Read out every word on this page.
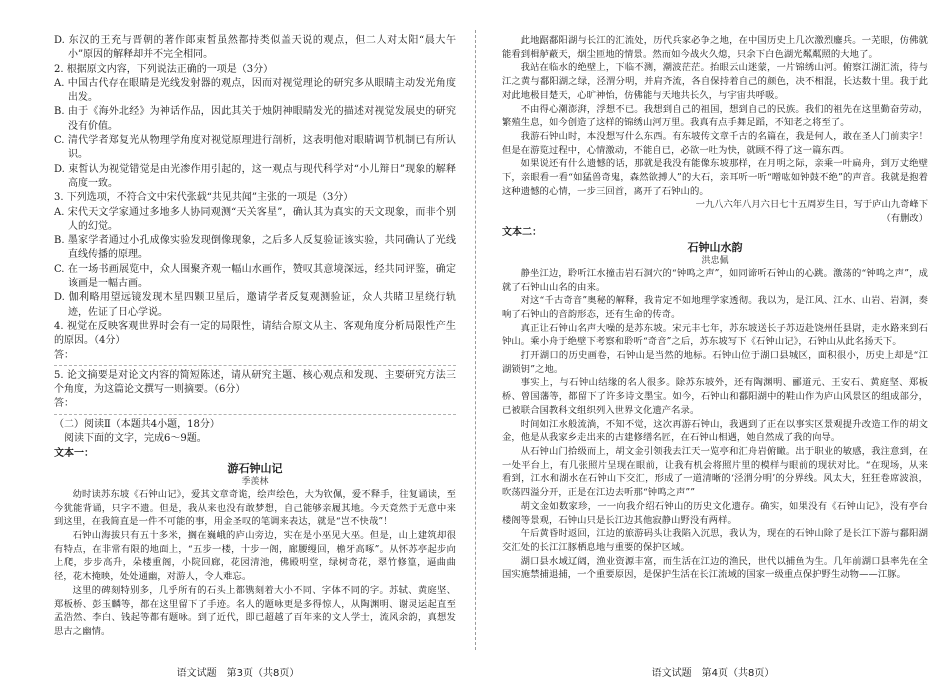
D. 东汉的王充与晋朝的著作郎束皙虽然都持类似盖天说的观点，但二人对太阳“晨大午小”原因的解释却并不完全相同。

2. 根据原文内容，下列说法正确的一项是（3分）

A. 中国古代存在眼睛是光线发射器的观点，因而对视觉理论的研究多从眼睛主动发光角度出发。

B. 由于《海外北经》为神话作品，因此其关于烛阴神眼睛发光的描述对视觉发展史的研究没有价值。

C. 清代学者郑复光从物理学角度对视觉原理进行剖析，这表明他对眼睛调节机制已有所认识。

D. 束皙认为视觉错觉是由光渗作用引起的，这一观点与现代科学对“小儿辩日”现象的解释高度一致。

3. 下列选项，不符合文中宋代张载“共见共闻”主张的一项是（3分）

A. 宋代天文学家通过多地多人协同观测“天关客星”，确认其为真实的天文现象，而非个别人的幻觉。

B. 墨家学者通过小孔成像实验发现倒像现象，之后多人反复验证该实验，共同确认了光线直线传播的原理。

C. 在一场书画展览中，众人围聚齐观一幅山水画作，赞叹其意境深远，经共同评鉴，确定该画是一幅古画。

D. 伽利略用望远镜发现木星四颗卫星后，邀请学者反复观测验证，众人共睹卫星绕行轨迹，佐证了日心学说。

4. 视觉在反映客观世界时会有一定的局限性，请结合原文从主、客观角度分析局限性产生的原因。（4分）

答：

5. 论文摘要是对论文内容的简短陈述，请从研究主题、核心观点和发现、主要研究方法三个角度，为这篇论文撰写一则摘要。（6分）

答：

（二）阅读Ⅱ（本题共4小题，18分）

阅读下面的文字，完成6～9题。

文本一：

游石钟山记

季羡林

幼时读苏东坡《石钟山记》，爱其文章奇诡，绘声绘色，大为钦佩，爱不释手，往复诵读，至今犹能背诵，只字不遗。但是，我从来也没有敢梦想，自己能够亲履其地。今天竟然于无意中来到这里，在我简直是一件不可能的事，用金圣叹的笔调来表达，就是“岂不快哉”！

石钟山海拔只有五十多米，搁在巍峨的庐山旁边，实在是小巫见大巫。但是，山上建筑却很有特点，在非常有限的地面上，“五步一楼，十步一阁，廊腰缦回，檐牙高啄”。从怀苏亭起步向上爬，步步高升，朵楼重阁，小院回廊，花园清池，佛殿明堂，绿树奇花，翠竹修篁，逼曲曲径，花木掩映，处处通幽，对游人，令人难忘。

这里的碑刻特别多，几乎所有的石头上都镌刻着大小不同、字体不同的字。苏轼、黄庭坚、郑板桥、彭玉麟等，都在这里留下了手迹。名人的题咏更是多得惊人，从陶渊明、谢灵运起直至孟浩然、李白、钱起等都有题咏。到了近代，即已超越了百年来的文人学士，流风余韵，真想发思古之幽情。

语文试题　第3页（共8页）

此地踞鄱阳湖与长江的汇流处，历代兵家必争之地，在中国历史上几次激烈鏖兵。一芜眼，仿佛就能看到楫舻蔽天，烟尘匝地的情景。然而如今战火久熄，只余下白色湖光粼粼照的大地了。

我站在临水的绝壁上，下临不测，潮波茫茫。抬眼云山迷蒙，一片锦绣山河。俯察江湖汇流，待与江之黄与鄱阳湖之绿，泾渭分明，并肩齐流，各自保持着自己的颜色，决不相混，长达数十里。我于此对此地极目楚天，心旷神怡，仿佛能与天地共长久，与宇宙共呼吸。

不由得心潮澎湃，浮想不已。我想到自己的祖国，想到自己的民族。我们的祖先在这里勤奋劳动，繁殖生息，如今创造了这样的锦绣山河万里。我真有点手舞足蹈，不知老之将至了。

我游石钟山时，本没想写什么东西。有东坡传文章千古的名篇在，我是何人，敢在圣人门前卖字！但是在游览过程中，心情激动，不能自已，必欲一吐为快，就顾不得了这一篇东西。

如果说还有什么遗憾的话，那就是我没有能像东坡那样，在月明之际，亲乘一叶扁舟，到万丈绝壁下，亲眼看一看“如猛兽奇鬼，森然欲搏人”的大石，亲耳听一听“噌吰如钟鼓不绝”的声音。我就是抱着这种遗憾的心情，一步三回首，离开了石钟山的。

一九八六年八月六日七十五周岁生日，写于庐山九奇峰下

（有删改）

文本二：

石钟山水韵

洪忠佩

静坐江边，聆听江水撞击岩石洞穴的“钟鸣之声”，如同谛听石钟山的心跳。激荡的“钟鸣之声”，成就了石钟山山名的由来。

对这“千古奇音”奥秘的解释，我肯定不如地理学家透彻。我以为，是江风、江水、山岩、岩洞，奏响了石钟山的音韵形态，还有生命的传奇。

真正让石钟山名声大噪的是苏东坡。宋元丰七年，苏东坡送长子苏迈赴饶州任县尉，走水路来到石钟山。乘小舟于绝壁下考察和聆听“奇音”之后，苏东坡写下《石钟山记》，石钟山从此名扬天下。

打开湖口的历史画卷，石钟山是当然的地标。石钟山位于湖口县城区，面积很小，历史上却是“江湖锁钥”之地。

事实上，与石钟山结缘的名人很多。除苏东坡外，还有陶渊明、郦道元、王安石、黄庭坚、郑板桥、曾国藩等，都留下了许多诗文墨宝。如今，石钟山和鄱阳湖中的鞋山作为庐山风景区的组成部分，已被联合国教科文组织列入世界文化遗产名录。

时间如江水般流淌，不知不觉，这次再游石钟山，我遇到了正在以事实区景观提升改造工作的胡文金，他是从我家乡走出来的古建修缮名匠，在石钟山相遇，她自然成了我的向导。

从石钟山门拾级而上，胡文金引领我去江天一览亭和汇舟岩俯瞰。出于职业的敏感，我注意到，在一处平台上，有几张照片呈现在眼前，让我有机会将照片里的模样与眼前的现状对比。“在现场，从来看到，江水和湖水在石钟山下交汇，形成了一道清晰的‘泾渭分明’的分界线。风太大，狂狂卷席波浪，吹荡四溢分开，正是在江边去听那“钟鸣之声””

胡文金如数家珍，一一向我介绍石钟山的历史文化遗存。确实，如果没有《石钟山记》，没有亭台楼阁等景观，石钟山只是长江边其他寂静山野没有两样。

午后黄昏时返回，江边的旅游码头让我陷入沉思，我认为，现在的石钟山除了是长江下游与鄱阳湖交汇处的长江江豚栖息地与重要的保护区域。

湖口县水域辽阔，渔业资源丰富，而生活在江边的渔民，世代以捕鱼为生。几年前湖口县率先在全国实施禁捕退捕，一个重要原因，是保护生活在长江流域的国家一级重点保护野生动物——江豚。

语文试题　第4页（共8页）
